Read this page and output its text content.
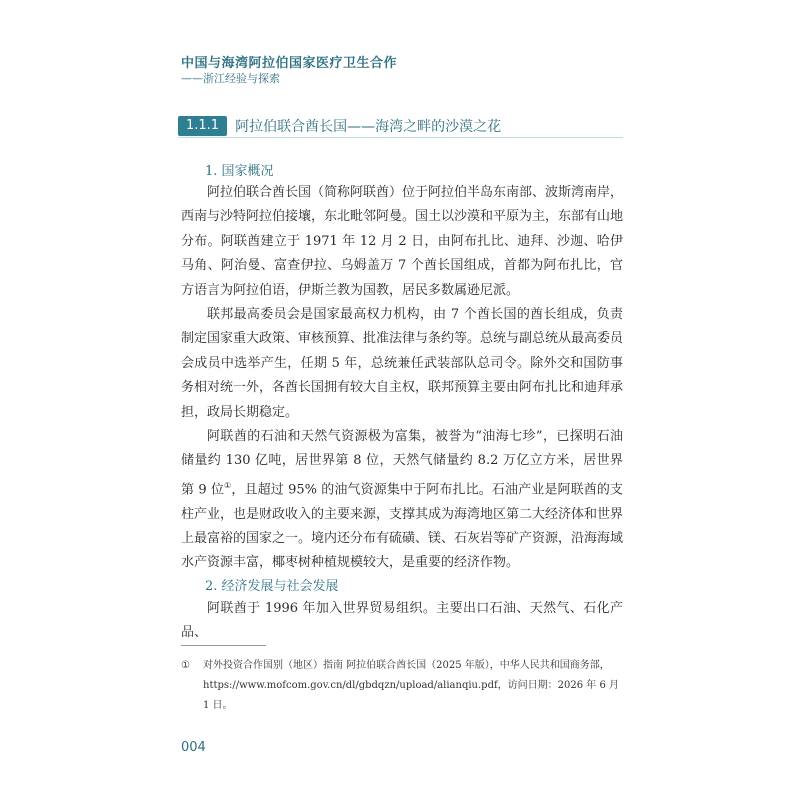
中国与海湾阿拉伯国家医疗卫生合作
——浙江经验与探索
1.1.1	阿拉伯联合酋长国——海湾之畔的沙漠之花
1. 国家概况

阿拉伯联合酋长国（简称阿联酋）位于阿拉伯半岛东南部、波斯湾南岸，西南与沙特阿拉伯接壤，东北毗邻阿曼。国土以沙漠和平原为主，东部有山地分布。阿联酋建立于 1971 年 12 月 2 日，由阿布扎比、迪拜、沙迦、哈伊马角、阿治曼、富查伊拉、乌姆盖万 7 个酋长国组成，首都为阿布扎比，官方语言为阿拉伯语，伊斯兰教为国教，居民多数属逊尼派。

联邦最高委员会是国家最高权力机构，由 7 个酋长国的酋长组成，负责制定国家重大政策、审核预算、批准法律与条约等。总统与副总统从最高委员会成员中选举产生，任期 5 年，总统兼任武装部队总司令。除外交和国防事务相对统一外，各酋长国拥有较大自主权，联邦预算主要由阿布扎比和迪拜承担，政局长期稳定。

阿联酋的石油和天然气资源极为富集，被誉为“油海七珍”，已探明石油储量约 130 亿吨，居世界第 8 位，天然气储量约 8.2 万亿立方米，居世界第 9 位①，且超过 95% 的油气资源集中于阿布扎比。石油产业是阿联酋的支柱产业，也是财政收入的主要来源，支撑其成为海湾地区第二大经济体和世界上最富裕的国家之一。境内还分布有硫磺、镁、石灰岩等矿产资源，沿海海域水产资源丰富，椰枣树种植规模较大，是重要的经济作物。

2. 经济发展与社会发展

阿联酋于 1996 年加入世界贸易组织。主要出口石油、天然气、石化产品、

①	对外投资合作国别（地区）指南 阿拉伯联合酋长国（2025 年版），中华人民共和国商务部，https://www.mofcom.gov.cn/dl/gbdqzn/upload/alianqiu.pdf，访问日期：2026 年 6 月 1 日。
004
